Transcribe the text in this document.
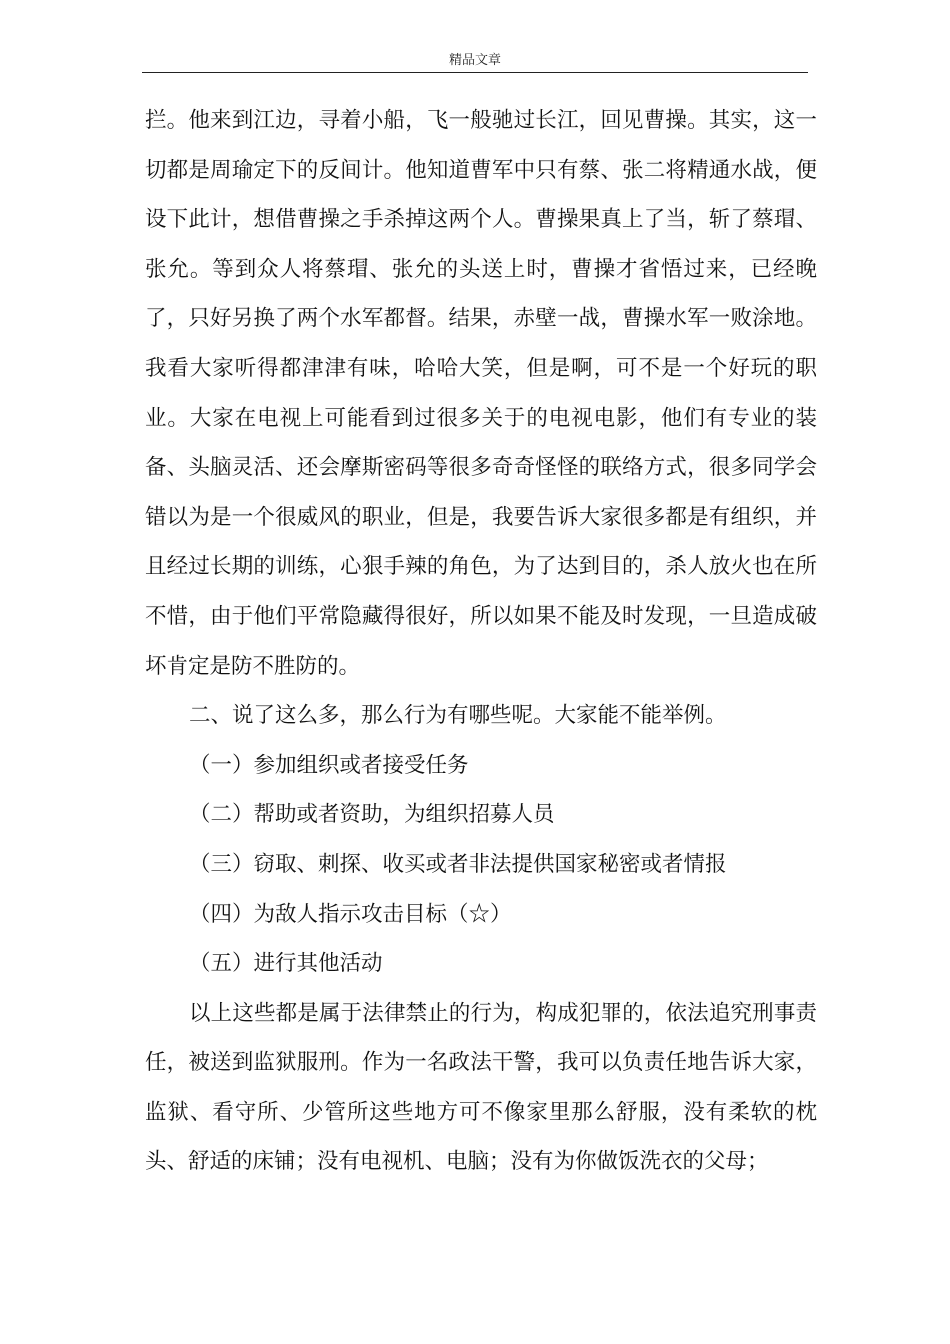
精品文章

拦。他来到江边，寻着小船，飞一般驰过长江，回见曹操。其实，这一切都是周瑜定下的反间计。他知道曹军中只有蔡、张二将精通水战，便设下此计，想借曹操之手杀掉这两个人。曹操果真上了当，斩了蔡瑁、张允。等到众人将蔡瑁、张允的头送上时，曹操才省悟过来，已经晚了，只好另换了两个水军都督。结果，赤壁一战，曹操水军一败涂地。我看大家听得都津津有味，哈哈大笑，但是啊，可不是一个好玩的职业。大家在电视上可能看到过很多关于的电视电影，他们有专业的装备、头脑灵活、还会摩斯密码等很多奇奇怪怪的联络方式，很多同学会错以为是一个很威风的职业，但是，我要告诉大家很多都是有组织，并且经过长期的训练，心狠手辣的角色，为了达到目的，杀人放火也在所不惜，由于他们平常隐藏得很好，所以如果不能及时发现，一旦造成破坏肯定是防不胜防的。

二、说了这么多，那么行为有哪些呢。大家能不能举例。

（一）参加组织或者接受任务

（二）帮助或者资助，为组织招募人员

（三）窃取、刺探、收买或者非法提供国家秘密或者情报

（四）为敌人指示攻击目标（☆）

（五）进行其他活动

以上这些都是属于法律禁止的行为，构成犯罪的，依法追究刑事责任，被送到监狱服刑。作为一名政法干警，我可以负责任地告诉大家，监狱、看守所、少管所这些地方可不像家里那么舒服，没有柔软的枕头、舒适的床铺；没有电视机、电脑；没有为你做饭洗衣的父母；
